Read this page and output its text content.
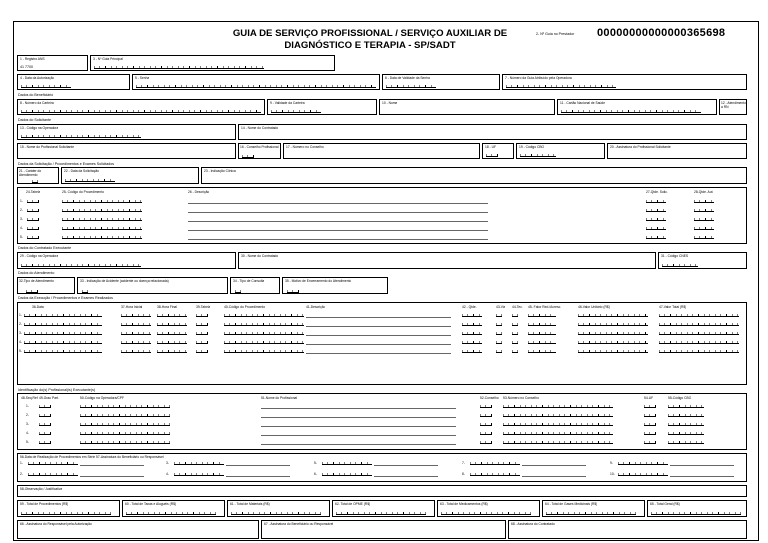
GUIA DE SERVIÇO PROFISSIONAL / SERVIÇO AUXILIAR DE
DIAGNÓSTICO E TERAPIA - SP/SADT
2- Nº Guia no Prestador 00000000000000365698
1 - Registro ANS
41 7700
3 - Nº Guia Principal
4 - Data da Autorização	5 - Senha	6 - Data de Validade da Senha	7 - Número da Guia Atribuído pela Operadora
Dados do Beneficiário
8 - Número da Carteira	9 - Validade da Carteira	10 - Nome	11 - Cartão Nacional de Saúde	12 - Atendimento a RN
Dados do Solicitante
13 - Código na Operadora	14 - Nome do Contratado
15 - Nome do Profissional Solicitante	16 - Conselho Profissional	17 - Número no Conselho	18 - UF	19 - Código CBO	20 - Assinatura do Profissional Solicitante
Dados da Solicitação / Procedimentos e Exames Solicitados
21 - Caráter do Atendimento
22 - Data da Solicitação	23 - Indicação Clínica
24-Tabela	25- Código do Procedimento	26 - Descrição	27-Qtde. Solic.	28-Qtde. Aut.
1-
2-
3-
4-
5-
Dados do Contratado Executante
29 - Código na Operadora	30 - Nome do Contratado	31 - Código CNES
Dados do Atendimento
32-Tipo de Atendimento	33 - Indicação de Acidente (acidente ou doença relacionada)	34 - Tipo de Consulta	35 - Motivo de Encerramento do Atendimento
Dados da Execução / Procedimentos e Exames Realizados
36-Data	37-Hora Inicial	38-Hora Final	39-Tabela	40-Código do Procedimento	41-Descrição	42 - Qtde.	43-Via 44-Tec. 45- Fator Red./Acresc.	46-Valor Unitário (R$)	47-Valor Total (R$)
1-
2-
3-
4-
5-
Identificação do(s) Profissional(is) Executante(s)
48-Seq.Ref 49-Grau Part.	50-Código na Operadora/CPF	51-Nome do Profissional	52-Conselho 53-Número no Conselho	54-UF	55-Código CBO
1-
2-
3-
4-
5-
56-Data de Realização de Procedimentos em Série 57-Assinatura do Beneficiário ou Responsável
1-	3-	5-	7-	9-
2-	4-	6-	8-	10-
58-Observação / Justificativa
59 - Total de Procedimentos (R$)	60 - Total de Taxas e Aluguéis (R$)	61 - Total de Materiais (R$)	62- Total de OPME (R$)	63 - Total de Medicamentos (R$)	64 - Total de Gases Medicinais (R$)	65 - Total Geral (R$)
66 - Assinatura do Responsável pela Autorização	67 - Assinatura do Beneficiário ou Responsável	68 - Assinatura do Contratado
